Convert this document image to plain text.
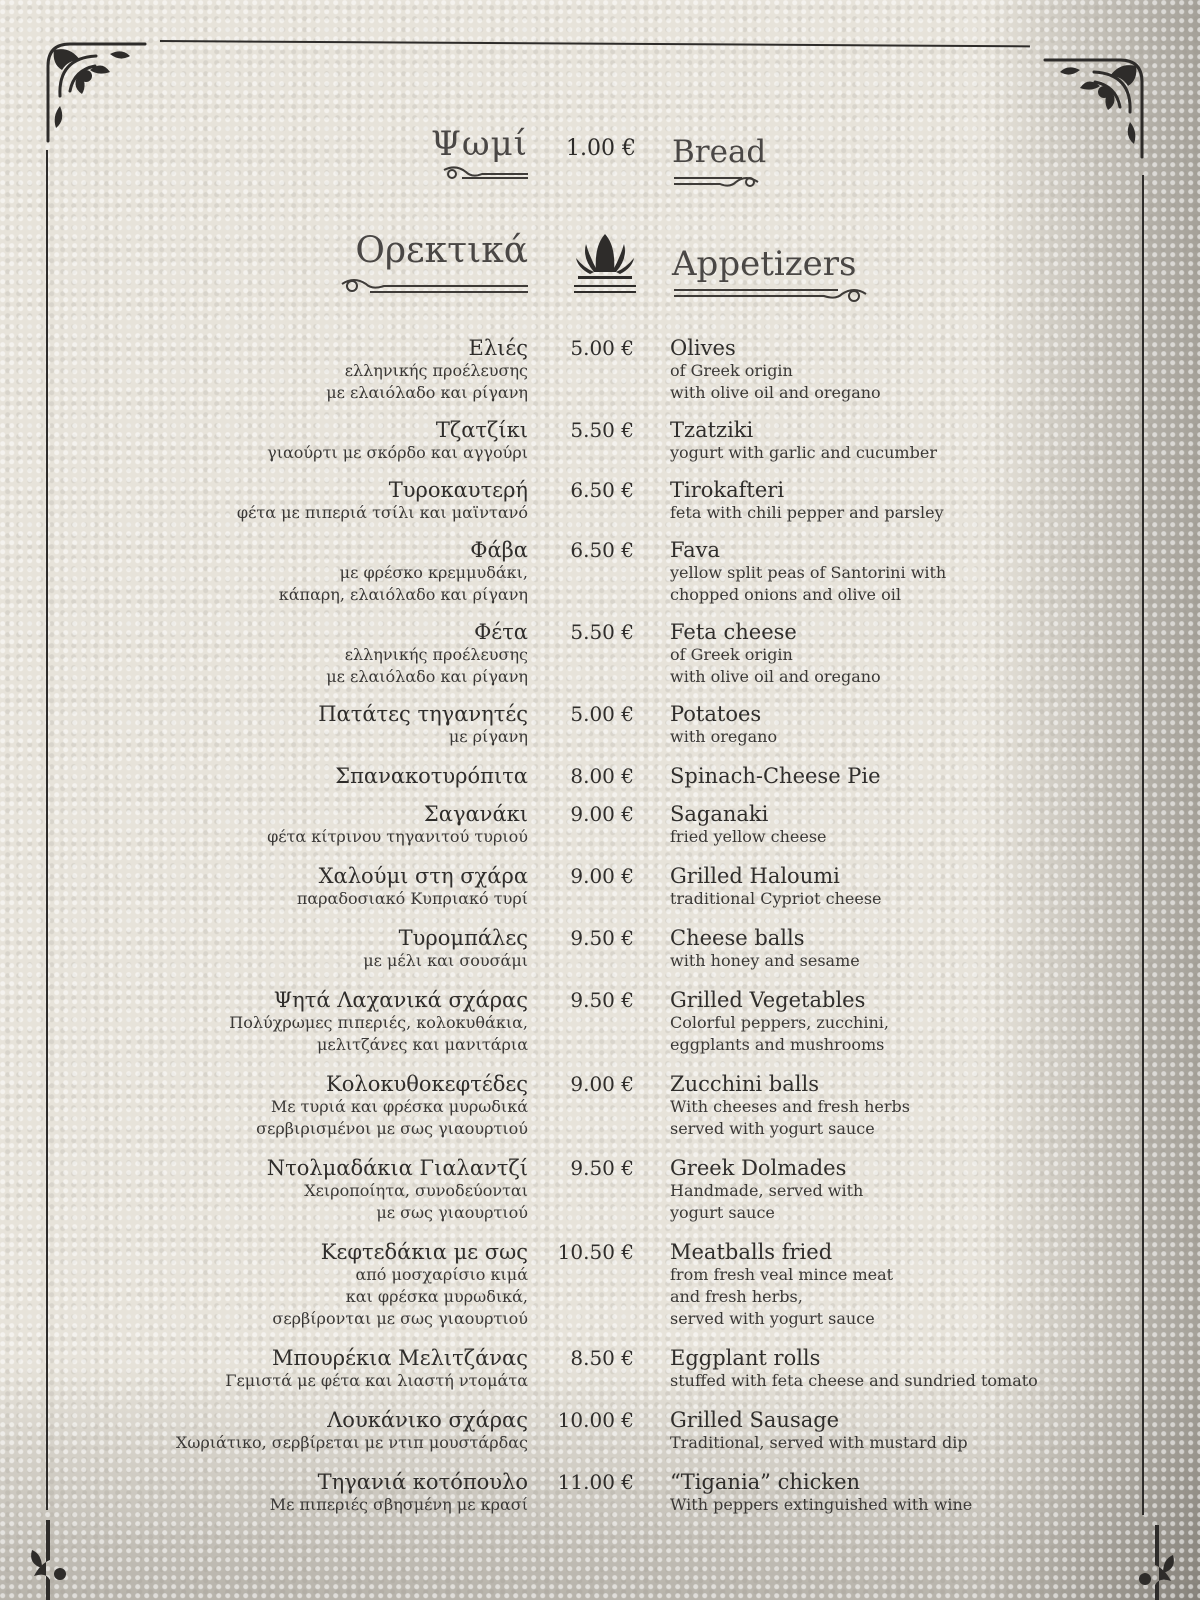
Ψωμί 1.00 € Bread
Ορεκτικά	Appetizers
Ελιές
ελληνικής προέλευσης
με ελαιόλαδο και ρίγανη
5.00 € Olives
of Greek origin
with olive oil and oregano
Τζατζίκι
γιαούρτι με σκόρδο και αγγούρι
5.50 € Tzatziki
yogurt with garlic and cucumber
Τυροκαυτερή
φέτα με πιπεριά τσίλι και μαϊντανό
6.50 € Tirokafteri
feta with chili pepper and parsley
Φάβα
με φρέσκο κρεμμυδάκι,
κάπαρη, ελαιόλαδο και ρίγανη
6.50 € Fava
yellow split peas of Santorini with
chopped onions and olive oil
Φέτα
ελληνικής προέλευσης
με ελαιόλαδο και ρίγανη
5.50 € Feta cheese
of Greek origin
with olive oil and oregano
Πατάτες τηγανητές
με ρίγανη
5.00 € Potatoes
with oregano
Σπανακοτυρόπιτα 8.00 € Spinach-Cheese Pie
Σαγανάκι
φέτα κίτρινου τηγανιτού τυριού
9.00 € Saganaki
fried yellow cheese
Χαλούμι στη σχάρα
παραδοσιακό Κυπριακό τυρί
9.00 € Grilled Haloumi
traditional Cypriot cheese
Τυρομπάλες
με μέλι και σουσάμι
9.50 € Cheese balls
with honey and sesame
Ψητά Λαχανικά σχάρας
Πολύχρωμες πιπεριές, κολοκυθάκια,
μελιτζάνες και μανιτάρια
9.50 € Grilled Vegetables
Colorful peppers, zucchini,
eggplants and mushrooms
Κολοκυθοκεφτέδες
Με τυριά και φρέσκα μυρωδικά
σερβιρισμένοι με σως γιαουρτιού
9.00 € Zucchini balls
With cheeses and fresh herbs
served with yogurt sauce
Ντολμαδάκια Γιαλαντζί
Χειροποίητα, συνοδεύονται
με σως γιαουρτιού
9.50 € Greek Dolmades
Handmade, served with
yogurt sauce
Κεφτεδάκια με σως
από μοσχαρίσιο κιμά
και φρέσκα μυρωδικά,
σερβίρονται με σως γιαουρτιού
10.50 € Meatballs fried
from fresh veal mince meat
and fresh herbs,
served with yogurt sauce
Μπουρέκια Μελιτζάνας
Γεμιστά με φέτα και λιαστή ντομάτα
8.50 € Eggplant rolls
stuffed with feta cheese and sundried tomato
Λουκάνικο σχάρας
Χωριάτικο, σερβίρεται με ντιπ μουστάρδας
10.00 € Grilled Sausage
Traditional, served with mustard dip
Τηγανιά κοτόπουλο
Με πιπεριές σβησμένη με κρασί
11.00 € “Tigania” chicken
With peppers extinguished with wine
